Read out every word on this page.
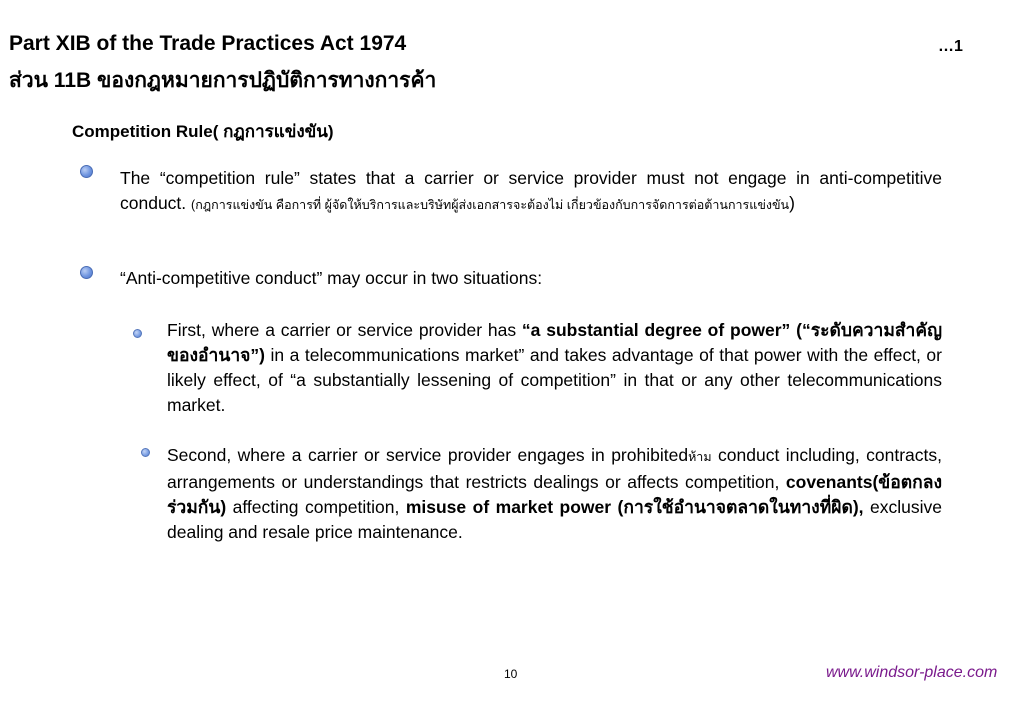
Part XIB of the Trade Practices Act 1974
ส่วน 11B ของกฎหมายการปฏิบัติการทางการค้า
…1
Competition Rule( กฎการแข่งขัน)
The “competition rule” states that a carrier or service provider must not engage in anti-competitive conduct. (กฎการแข่งขัน คือการที่ ผู้จัดให้บริการและบริษัทผู้ส่งเอกสารจะต้องไม่ เกี่ยวข้องกับการจัดการต่อต้านการแข่งขัน)
“Anti-competitive conduct” may occur in two situations:
First, where a carrier or service provider has “a substantial degree of power” (“ระดับความสำคัญของอำนาจ”) in a telecommunications market” and takes advantage of that power with the effect, or likely effect, of “a substantially lessening of competition” in that or any other telecommunications market.
Second, where a carrier or service provider engages in prohibitedห้าม conduct including, contracts, arrangements or understandings that restricts dealings or affects competition, covenants(ข้อตกลงร่วมกัน) affecting competition, misuse of market power (การใช้อำนาจตลาดในทางที่ผิด), exclusive dealing and resale price maintenance.
10	www.windsor-place.com
